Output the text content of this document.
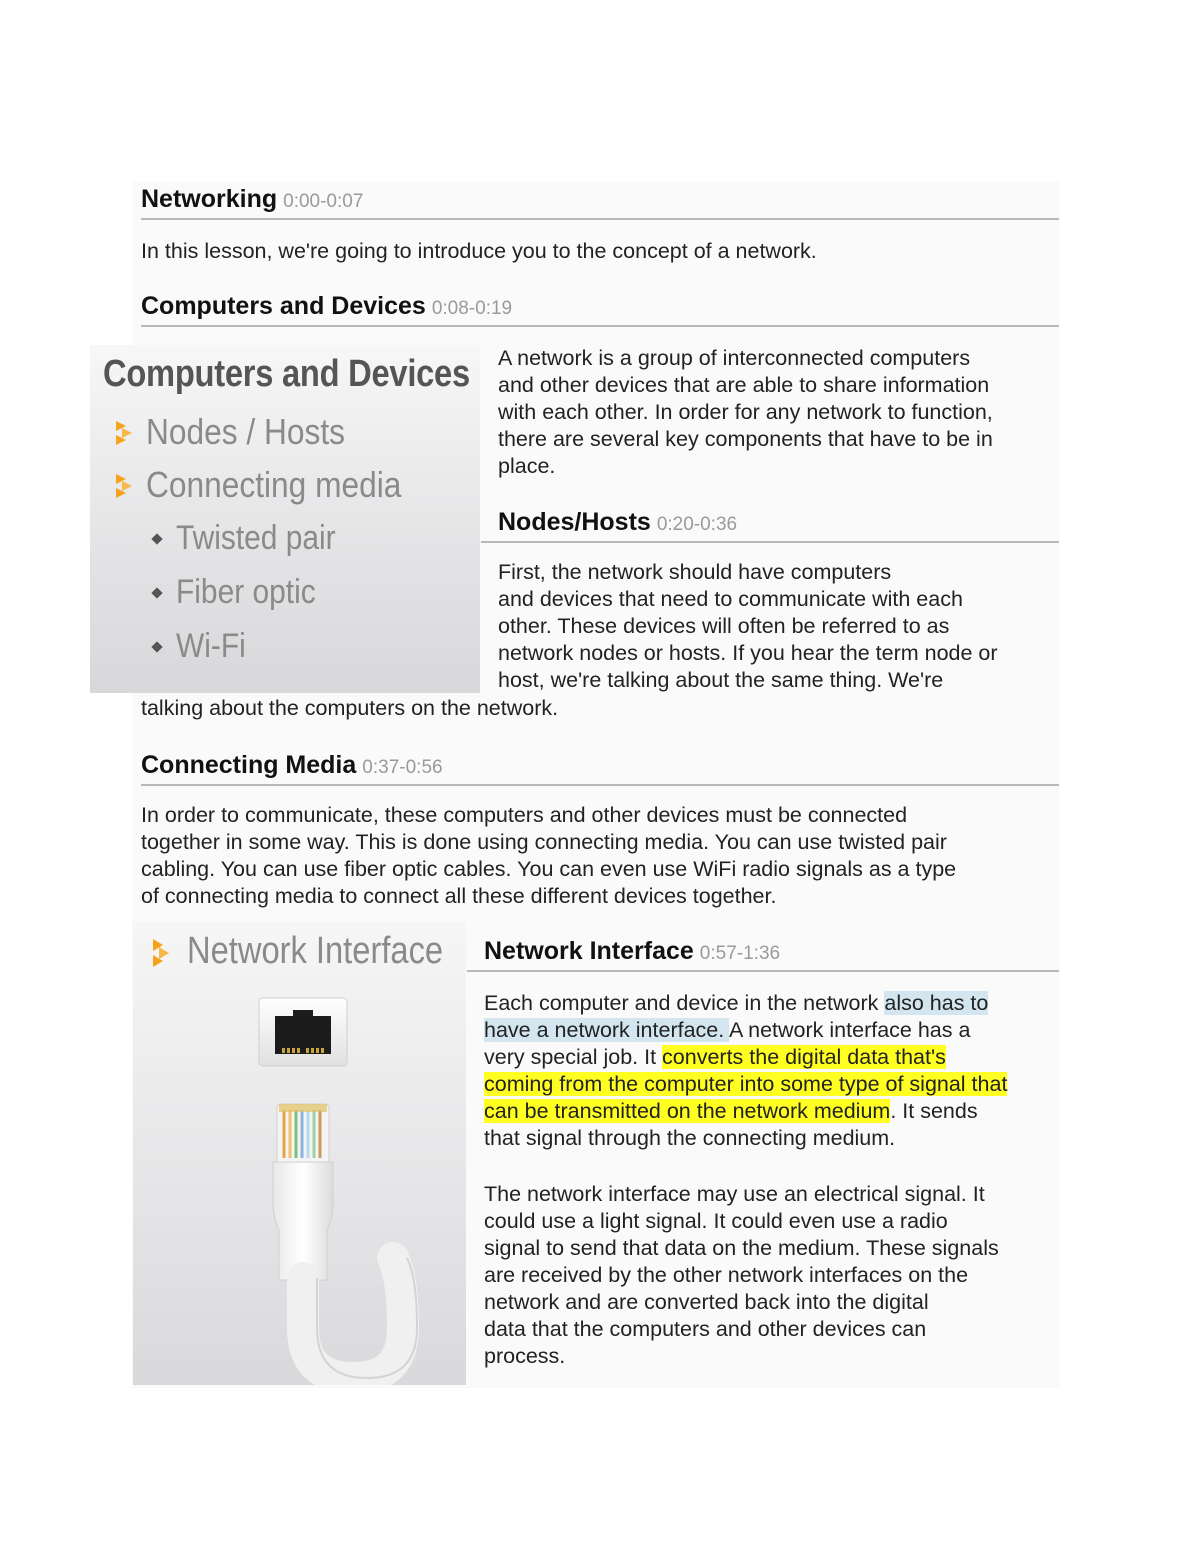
Networking 0:00-0:07

In this lesson, we're going to introduce you to the concept of a network.

Computers and Devices 0:08-0:19
Computers and Devices
Nodes / Hosts
Connecting media
Twisted pair
Fiber optic
Wi-Fi
A network is a group of interconnected computers
and other devices that are able to share information
with each other. In order for any network to function,
there are several key components that have to be in
place.
Nodes/Hosts 0:20-0:36
First, the network should have computers
and devices that need to communicate with each
other. These devices will often be referred to as
network nodes or hosts. If you hear the term node or
host, we're talking about the same thing. We're
talking about the computers on the network.
Connecting Media 0:37-0:56
In order to communicate, these computers and other devices must be connected
together in some way. This is done using connecting media. You can use twisted pair
cabling. You can use fiber optic cables. You can even use WiFi radio signals as a type
of connecting media to connect all these different devices together.
Network Interface Network Interface 0:57-1:36
Each computer and device in the network also has to
have a network interface. A network interface has a
very special job. It converts the digital data that's
coming from the computer into some type of signal that
can be transmitted on the network medium. It sends
that signal through the connecting medium.
The network interface may use an electrical signal. It
could use a light signal. It could even use a radio
signal to send that data on the medium. These signals
are received by the other network interfaces on the
network and are converted back into the digital
data that the computers and other devices can
process.
